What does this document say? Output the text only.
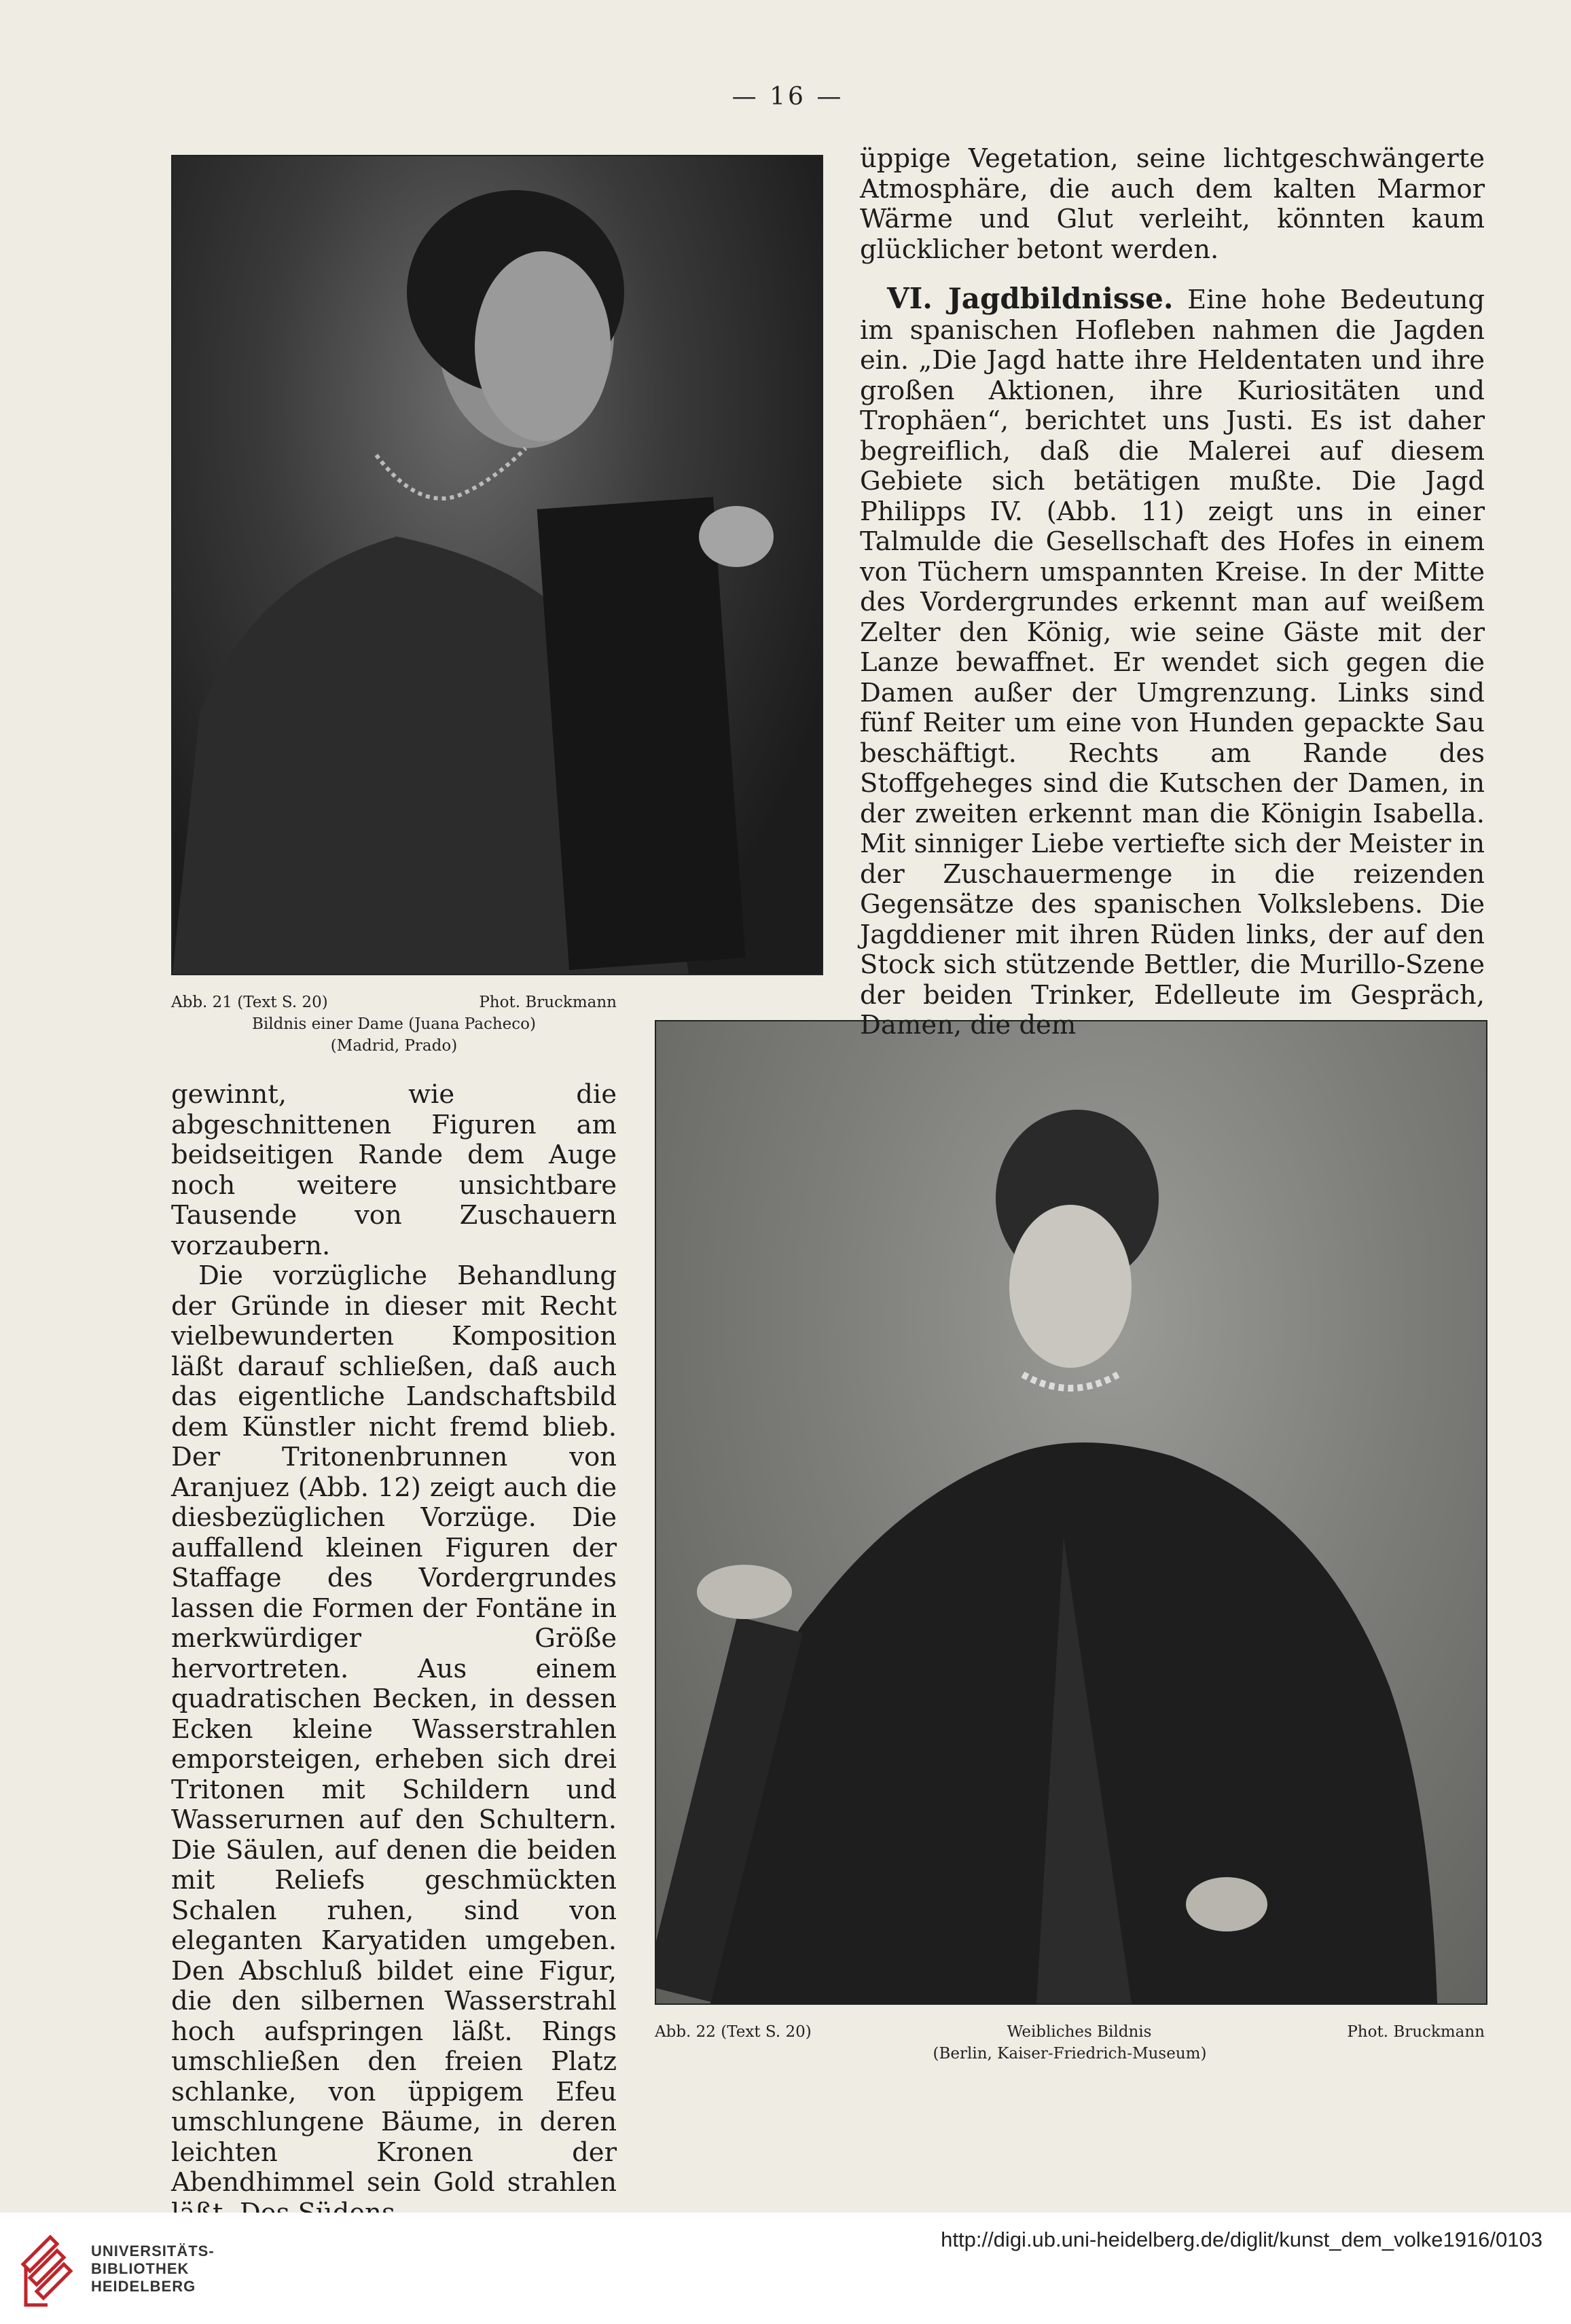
— 16 —
Abb. 21 (Text S. 20)	Phot. Bruckmann
Bildnis einer Dame (Juana Pacheco)
(Madrid, Prado)
Abb. 22 (Text S. 20)	Weibliches Bildnis	Phot. Bruckmann
(Berlin, Kaiser-Friedrich-Museum)

üppige Vegetation, seine lichtgeschwängerte Atmosphäre, die auch dem kalten Marmor Wärme und Glut verleiht, könnten kaum glücklicher betont werden.

VI. Jagdbildnisse. Eine hohe Bedeutung im spanischen Hofleben nahmen die Jagden ein. „Die Jagd hatte ihre Heldentaten und ihre großen Aktionen, ihre Kuriositäten und Trophäen“, berichtet uns Justi. Es ist daher begreiflich, daß die Malerei auf diesem Gebiete sich betätigen mußte. Die Jagd Philipps IV. (Abb. 11) zeigt uns in einer Talmulde die Gesellschaft des Hofes in einem von Tüchern umspannten Kreise. In der Mitte des Vordergrundes erkennt man auf weißem Zelter den König, wie seine Gäste mit der Lanze bewaffnet. Er wendet sich gegen die Damen außer der Umgrenzung. Links sind fünf Reiter um eine von Hunden gepackte Sau beschäftigt. Rechts am Rande des Stoffgeheges sind die Kutschen der Damen, in der zweiten erkennt man die Königin Isabella. Mit sinniger Liebe vertiefte sich der Meister in der Zuschauermenge in die reizenden Gegensätze des spanischen Volkslebens. Die Jagddiener mit ihren Rüden links, der auf den Stock sich stützende Bettler, die Murillo-Szene der beiden Trinker, Edelleute im Gespräch, Damen, die dem

gewinnt, wie die abgeschnittenen Figuren am beidseitigen Rande dem Auge noch weitere unsichtbare Tausende von Zuschauern vorzaubern.

Die vorzügliche Behandlung der Gründe in dieser mit Recht vielbewunderten Komposition läßt darauf schließen, daß auch das eigentliche Landschaftsbild dem Künstler nicht fremd blieb. Der Tritonenbrunnen von Aranjuez (Abb. 12) zeigt auch die diesbezüglichen Vorzüge. Die auffallend kleinen Figuren der Staffage des Vordergrundes lassen die Formen der Fontäne in merkwürdiger Größe hervortreten. Aus einem quadratischen Becken, in dessen Ecken kleine Wasserstrahlen emporsteigen, erheben sich drei Tritonen mit Schildern und Wasserurnen auf den Schultern. Die Säulen, auf denen die beiden mit Reliefs geschmückten Schalen ruhen, sind von eleganten Karyatiden umgeben. Den Abschluß bildet eine Figur, die den silbernen Wasserstrahl hoch aufspringen läßt. Rings umschließen den freien Platz schlanke, von üppigem Efeu umschlungene Bäume, in deren leichten Kronen der Abendhimmel sein Gold strahlen

UNIVERSITÄTS-
BIBLIOTHEK
HEIDELBERG
http://digi.ub.uni-heidelberg.de/diglit/kunst_dem_volke1916/0103
